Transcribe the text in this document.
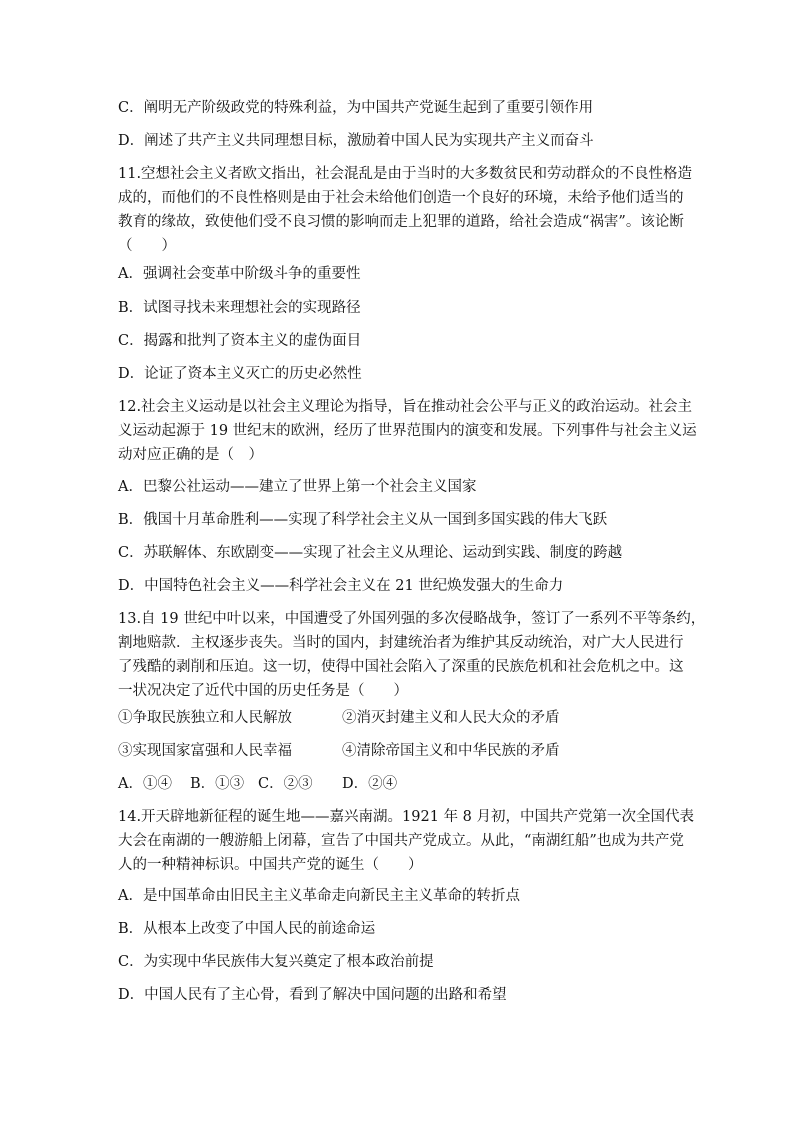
C．阐明无产阶级政党的特殊利益，为中国共产党诞生起到了重要引领作用
D．阐述了共产主义共同理想目标，激励着中国人民为实现共产主义而奋斗
11.空想社会主义者欧文指出，社会混乱是由于当时的大多数贫民和劳动群众的不良性格造
成的，而他们的不良性格则是由于社会未给他们创造一个良好的环境，未给予他们适当的
教育的缘故，致使他们受不良习惯的影响而走上犯罪的道路，给社会造成“祸害”。该论断
（　　）
A．强调社会变革中阶级斗争的重要性
B．试图寻找未来理想社会的实现路径
C．揭露和批判了资本主义的虚伪面目
D．论证了资本主义灭亡的历史必然性
12.社会主义运动是以社会主义理论为指导，旨在推动社会公平与正义的政治运动。社会主
义运动起源于 19 世纪末的欧洲，经历了世界范围内的演变和发展。下列事件与社会主义运
动对应正确的是（　）
A．巴黎公社运动——建立了世界上第一个社会主义国家
B．俄国十月革命胜利——实现了科学社会主义从一国到多国实践的伟大飞跃
C．苏联解体、东欧剧变——实现了社会主义从理论、运动到实践、制度的跨越
D．中国特色社会主义——科学社会主义在 21 世纪焕发强大的生命力
13.自 19 世纪中叶以来，中国遭受了外国列强的多次侵略战争，签订了一系列不平等条约，
割地赔款．主权逐步丧失。当时的国内，封建统治者为维护其反动统治，对广大人民进行
了残酷的剥削和压迫。这一切，使得中国社会陷入了深重的民族危机和社会危机之中。这
一状况决定了近代中国的历史任务是（　　）
①争取民族独立和人民解放	②消灭封建主义和人民大众的矛盾
③实现国家富强和人民幸福	④清除帝国主义和中华民族的矛盾
A．①④ B．①③ C．②③ D．②④
14.开天辟地新征程的诞生地——嘉兴南湖。1921 年 8 月初，中国共产党第一次全国代表
大会在南湖的一艘游船上闭幕，宣告了中国共产党成立。从此，“南湖红船”也成为共产党
人的一种精神标识。中国共产党的诞生（　　）
A．是中国革命由旧民主主义革命走向新民主主义革命的转折点
B．从根本上改变了中国人民的前途命运
C．为实现中华民族伟大复兴奠定了根本政治前提
D．中国人民有了主心骨，看到了解决中国问题的出路和希望
